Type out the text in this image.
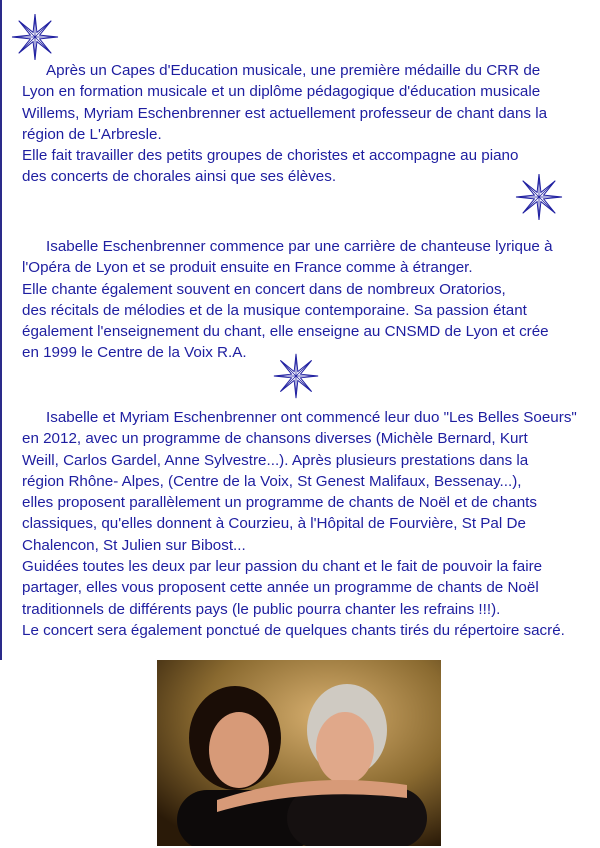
Après un Capes d'Education musicale, une première médaille du CRR de
Lyon en formation musicale et un diplôme pédagogique d'éducation musicale
Willems, Myriam Eschenbrenner est actuellement professeur de chant dans la
région de L'Arbresle.
Elle fait travailler des petits groupes de choristes et accompagne au piano
des concerts de chorales ainsi que ses élèves.
Isabelle Eschenbrenner commence par une carrière de chanteuse lyrique à
l'Opéra de Lyon et se produit ensuite en France comme à étranger.
Elle chante également souvent en concert dans de nombreux Oratorios,
des récitals de mélodies et de la musique contemporaine. Sa passion étant
également l'enseignement du chant, elle enseigne au CNSMD de Lyon et crée
en 1999 le Centre de la Voix R.A.
Isabelle et Myriam Eschenbrenner ont commencé leur duo "Les Belles Soeurs"
en 2012, avec un programme de chansons diverses (Michèle Bernard, Kurt
Weill, Carlos Gardel, Anne Sylvestre...). Après plusieurs prestations dans la
région Rhône- Alpes, (Centre de la Voix, St Genest Malifaux, Bessenay...),
elles proposent parallèlement un programme de chants de Noël et de chants
classiques, qu'elles donnent à Courzieu, à l'Hôpital de Fourvière, St Pal De
Chalencon, St Julien sur Bibost...
Guidées toutes les deux par leur passion du chant et le fait de pouvoir la faire
partager, elles vous proposent cette année un programme de chants de Noël
traditionnels de différents pays (le public pourra chanter les refrains !!!).
Le concert sera également ponctué de quelques chants tirés du répertoire sacré.
